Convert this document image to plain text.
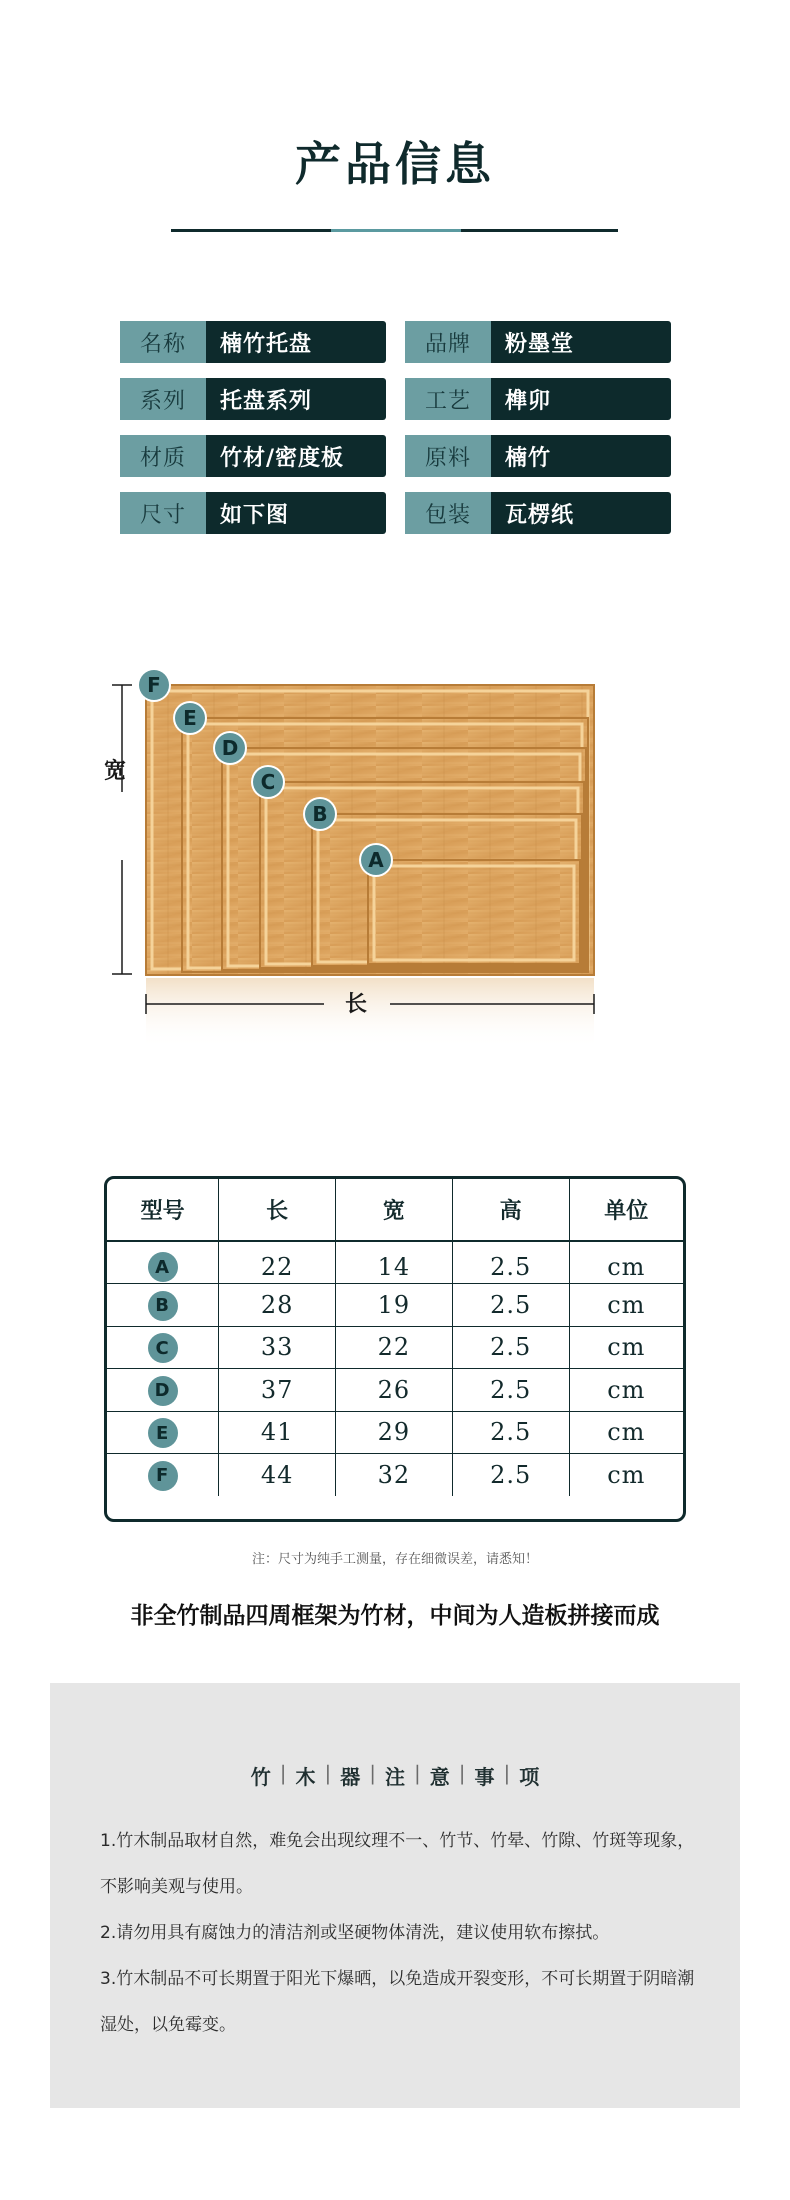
产品信息
名称	楠竹托盘	品牌	粉墨堂
系列	托盘系列	工艺	榫卯
材质	竹材/密度板	原料	楠竹
尺寸	如下图	包装	瓦楞纸
宽
长
F
E
D
C
B
A
型号	长	宽	高	单位
A	22	14	2.5	cm
B	28	19	2.5	cm
C	33	22	2.5	cm
D	37	26	2.5	cm
E	41	29	2.5	cm
F	44	32	2.5	cm
注：尺寸为纯手工测量，存在细微误差，请悉知！
非全竹制品四周框架为竹材，中间为人造板拼接而成
竹 | 木 | 器 | 注 | 意 | 事 | 项
1.竹木制品取材自然，难免会出现纹理不一、竹节、竹晕、竹隙、竹斑等现象，不影响美观与使用。
2.请勿用具有腐蚀力的清洁剂或坚硬物体清洗，建议使用软布擦拭。
3.竹木制品不可长期置于阳光下爆晒，以免造成开裂变形，不可长期置于阴暗潮湿处，以免霉变。
